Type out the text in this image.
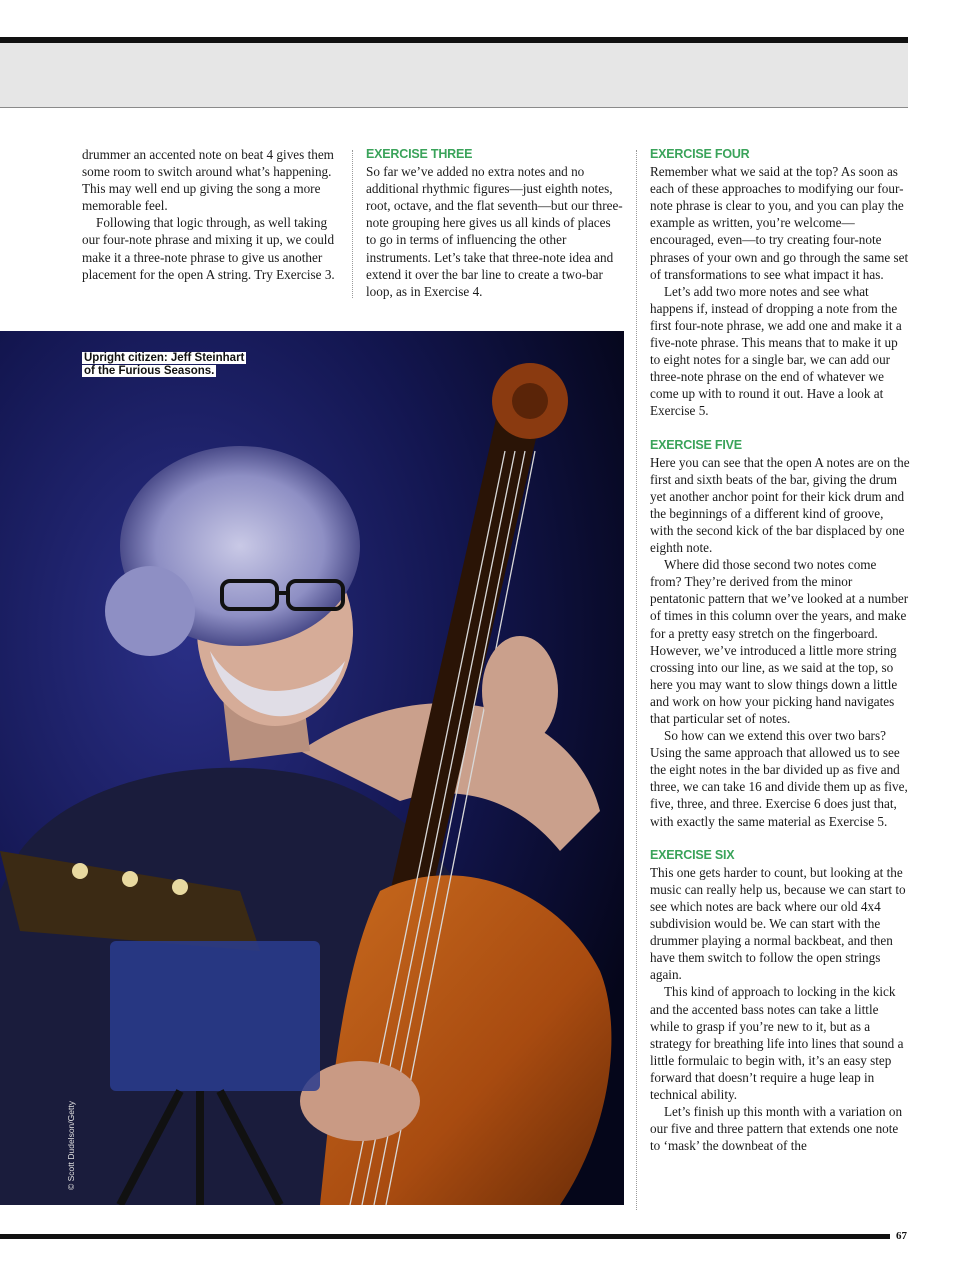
drummer an accented note on beat 4 gives them some room to switch around what’s happening. This may well end up giving the song a more memorable feel.

Following that logic through, as well taking our four-note phrase and mixing it up, we could make it a three-note phrase to give us another placement for the open A string. Try Exercise 3.

EXERCISE THREE

So far we’ve added no extra notes and no additional rhythmic figures—just eighth notes, root, octave, and the flat seventh—but our three-note grouping here gives us all kinds of places to go in terms of influencing the other instruments. Let’s take that three-note idea and extend it over the bar line to create a two-bar loop, as in Exercise 4.

EXERCISE FOUR

Remember what we said at the top? As soon as each of these approaches to modifying our four-note phrase is clear to you, and you can play the example as written, you’re welcome—encouraged, even—to try creating four-note phrases of your own and go through the same set of transformations to see what impact it has.

Let’s add two more notes and see what happens if, instead of dropping a note from the first four-note phrase, we add one and make it a five-note phrase. This means that to make it up to eight notes for a single bar, we can add our three-note phrase on the end of whatever we come up with to round it out. Have a look at Exercise 5.

EXERCISE FIVE

Here you can see that the open A notes are on the first and sixth beats of the bar, giving the drum yet another anchor point for their kick drum and the beginnings of a different kind of groove, with the second kick of the bar displaced by one eighth note.

Where did those second two notes come from? They’re derived from the minor pentatonic pattern that we’ve looked at a number of times in this column over the years, and make for a pretty easy stretch on the fingerboard. However, we’ve introduced a little more string crossing into our line, as we said at the top, so here you may want to slow things down a little and work on how your picking hand navigates that particular set of notes.

So how can we extend this over two bars? Using the same approach that allowed us to see the eight notes in the bar divided up as five and three, we can take 16 and divide them up as five, five, three, and three. Exercise 6 does just that, with exactly the same material as Exercise 5.

EXERCISE SIX

This one gets harder to count, but looking at the music can really help us, because we can start to see which notes are back where our old 4x4 subdivision would be. We can start with the drummer playing a normal backbeat, and then have them switch to follow the open strings again.

This kind of approach to locking in the kick and the accented bass notes can take a little while to grasp if you’re new to it, but as a strategy for breathing life into lines that sound a little formulaic to begin with, it’s an easy step forward that doesn’t require a huge leap in technical ability.

Let’s finish up this month with a variation on our five and three pattern that extends one note to ‘mask’ the downbeat of the

Upright citizen: Jeff Steinhart
of the Furious Seasons.
© Scott Dudelson/Getty
67
